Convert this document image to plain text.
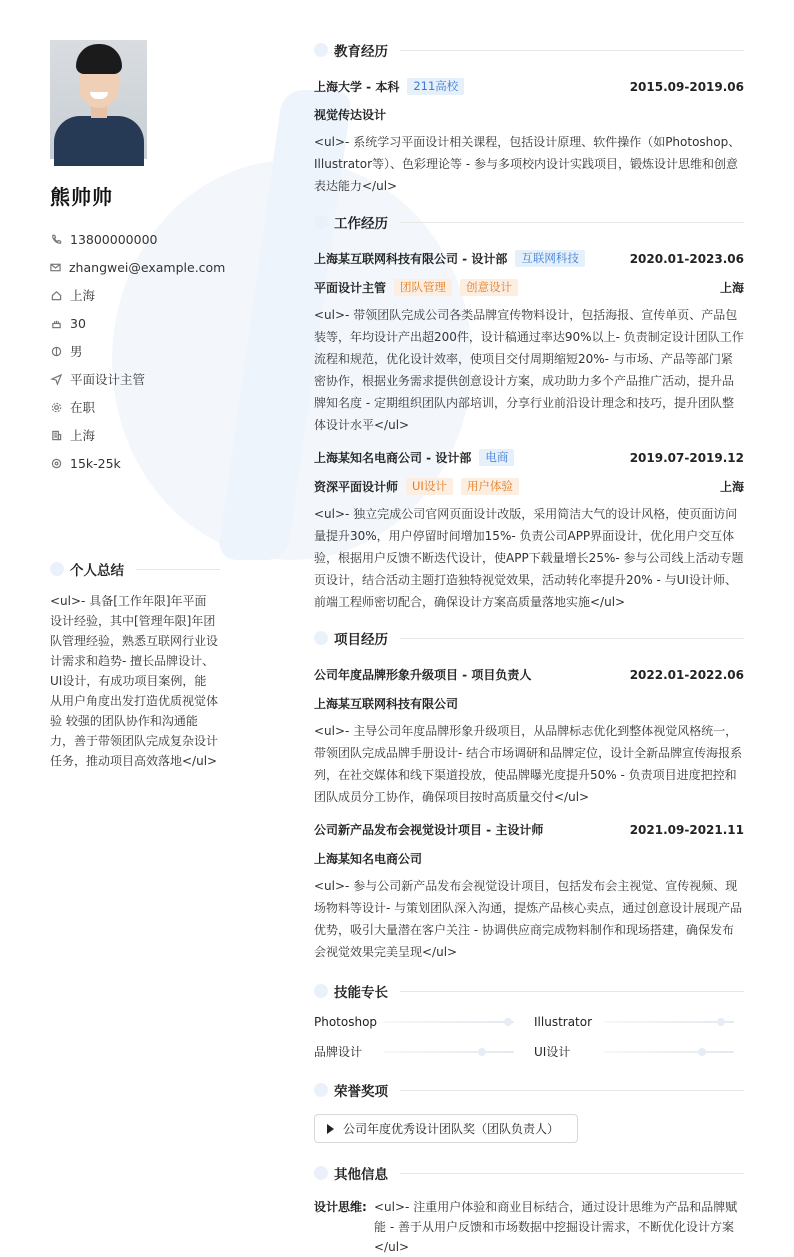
熊帅帅
13800000000
zhangwei@example.com
上海
30
男
平面设计主管
在职
上海
15k-25k
个人总结
<ul>- 具备[工作年限]年平面设计经验，其中[管理年限]年团队管理经验，熟悉互联网行业设计需求和趋势- 擅长品牌设计、UI设计，有成功项目案例，能从用户角度出发打造优质视觉体验 较强的团队协作和沟通能力，善于带领团队完成复杂设计任务，推动项目高效落地</ul>
教育经历
上海大学 - 本科	211高校	2015.09-2019.06
视觉传达设计
<ul>- 系统学习平面设计相关课程，包括设计原理、软件操作（如Photoshop、Illustrator等）、色彩理论等 - 参与多项校内设计实践项目，锻炼设计思维和创意表达能力</ul>
工作经历
上海某互联网科技有限公司 - 设计部	互联网科技	2020.01-2023.06
平面设计主管	团队管理	创意设计	上海
<ul>- 带领团队完成公司各类品牌宣传物料设计，包括海报、宣传单页、产品包装等，年均设计产出超200件，设计稿通过率达90%以上- 负责制定设计团队工作流程和规范，优化设计效率，使项目交付周期缩短20%- 与市场、产品等部门紧密协作，根据业务需求提供创意设计方案，成功助力多个产品推广活动，提升品牌知名度 - 定期组织团队内部培训，分享行业前沿设计理念和技巧，提升团队整体设计水平</ul>
上海某知名电商公司 - 设计部	电商	2019.07-2019.12
资深平面设计师	UI设计	用户体验	上海
<ul>- 独立完成公司官网页面设计改版，采用简洁大气的设计风格，使页面访问量提升30%，用户停留时间增加15%- 负责公司APP界面设计，优化用户交互体验，根据用户反馈不断迭代设计，使APP下载量增长25%- 参与公司线上活动专题页设计，结合活动主题打造独特视觉效果，活动转化率提升20% - 与UI设计师、前端工程师密切配合，确保设计方案高质量落地实施</ul>
项目经历
公司年度品牌形象升级项目 - 项目负责人	2022.01-2022.06
上海某互联网科技有限公司
<ul>- 主导公司年度品牌形象升级项目，从品牌标志优化到整体视觉风格统一，带领团队完成品牌手册设计- 结合市场调研和品牌定位，设计全新品牌宣传海报系列，在社交媒体和线下渠道投放，使品牌曝光度提升50% - 负责项目进度把控和团队成员分工协作，确保项目按时高质量交付</ul>
公司新产品发布会视觉设计项目 - 主设计师	2021.09-2021.11
上海某知名电商公司
<ul>- 参与公司新产品发布会视觉设计项目，包括发布会主视觉、宣传视频、现场物料等设计- 与策划团队深入沟通，提炼产品核心卖点，通过创意设计展现产品优势，吸引大量潜在客户关注 - 协调供应商完成物料制作和现场搭建，确保发布会视觉效果完美呈现</ul>
技能专长
Photoshop	Illustrator
品牌设计	UI设计
荣誉奖项
公司年度优秀设计团队奖（团队负责人）
其他信息
设计思维: <ul>- 注重用户体验和商业目标结合，通过设计思维为产品和品牌赋能 - 善于从用户反馈和市场数据中挖掘设计需求，不断优化设计方案</ul>
